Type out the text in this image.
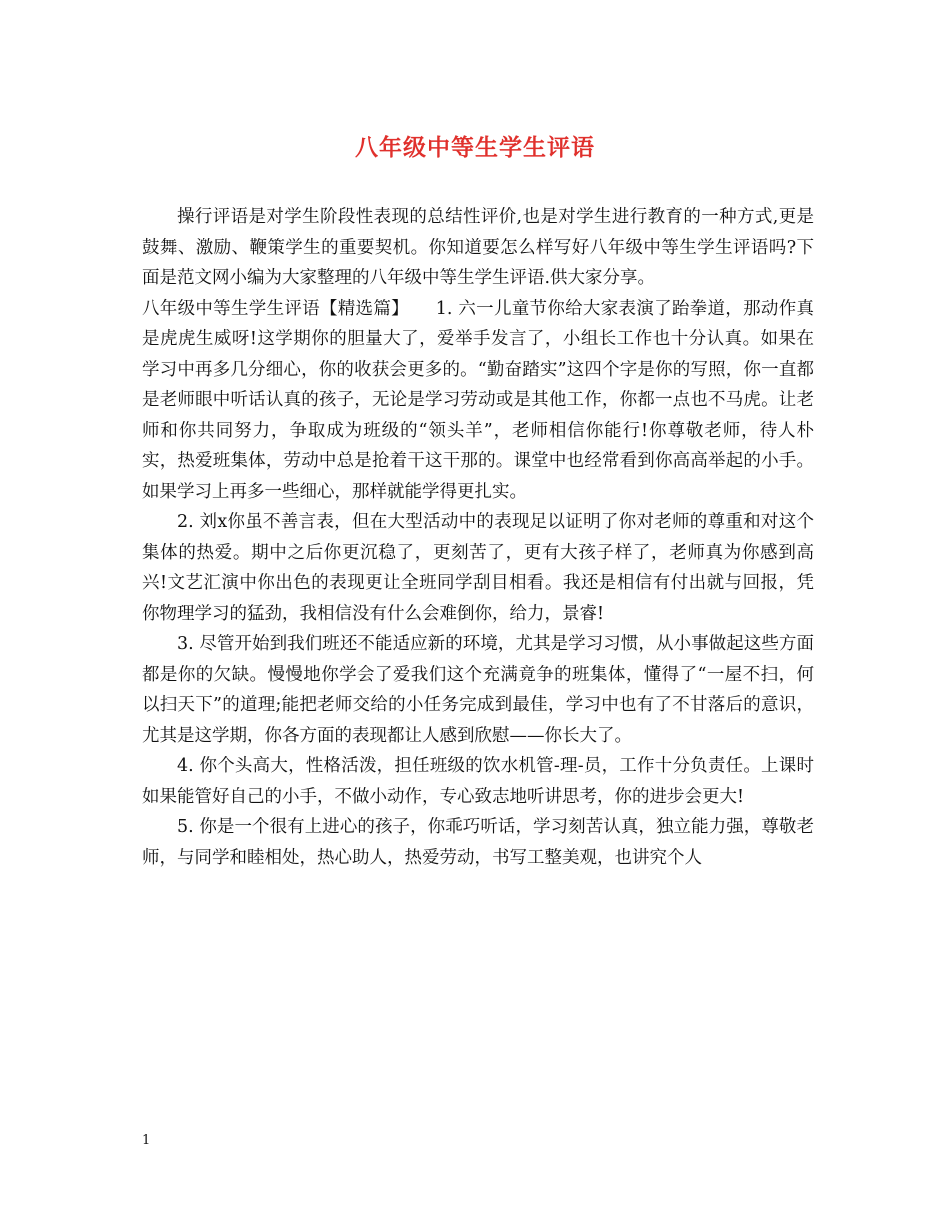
八年级中等生学生评语

操行评语是对学生阶段性表现的总结性评价,也是对学生进行教育的一种方式,更是鼓舞、激励、鞭策学生的重要契机。你知道要怎么样写好八年级中等生学生评语吗?下面是范文网小编为大家整理的八年级中等生学生评语.供大家分享。

八年级中等生学生评语【精选篇】　　1. 六一儿童节你给大家表演了跆拳道，那动作真是虎虎生威呀!这学期你的胆量大了，爱举手发言了，小组长工作也十分认真。如果在学习中再多几分细心，你的收获会更多的。“勤奋踏实”这四个字是你的写照，你一直都是老师眼中听话认真的孩子，无论是学习劳动或是其他工作，你都一点也不马虎。让老师和你共同努力，争取成为班级的“领头羊”，老师相信你能行!你尊敬老师，待人朴实，热爱班集体，劳动中总是抢着干这干那的。课堂中也经常看到你高高举起的小手。如果学习上再多一些细心，那样就能学得更扎实。

2. 刘x你虽不善言表，但在大型活动中的表现足以证明了你对老师的尊重和对这个集体的热爱。期中之后你更沉稳了，更刻苦了，更有大孩子样了，老师真为你感到高兴!文艺汇演中你出色的表现更让全班同学刮目相看。我还是相信有付出就与回报，凭你物理学习的猛劲，我相信没有什么会难倒你，给力，景睿!

3. 尽管开始到我们班还不能适应新的环境，尤其是学习习惯，从小事做起这些方面都是你的欠缺。慢慢地你学会了爱我们这个充满竟争的班集体，懂得了“一屋不扫，何以扫天下”的道理;能把老师交给的小任务完成到最佳，学习中也有了不甘落后的意识，尤其是这学期，你各方面的表现都让人感到欣慰——你长大了。

4. 你个头高大，性格活泼，担任班级的饮水机管-理-员，工作十分负责任。上课时如果能管好自己的小手，不做小动作，专心致志地听讲思考，你的进步会更大!

5. 你是一个很有上进心的孩子，你乖巧听话，学习刻苦认真，独立能力强，尊敬老师，与同学和睦相处，热心助人，热爱劳动，书写工整美观，也讲究个人

1
